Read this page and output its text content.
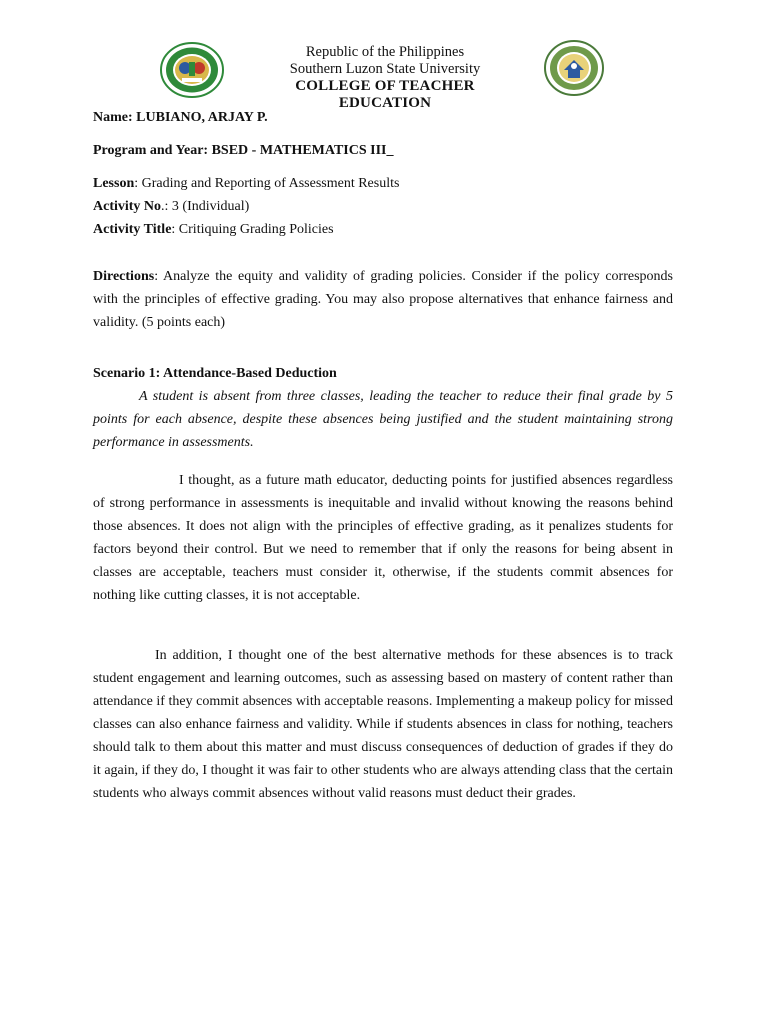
Republic of the Philippines
Southern Luzon State University
COLLEGE OF TEACHER EDUCATION
Name: LUBIANO, ARJAY P.
Program and Year: BSED - MATHEMATICS III_
Lesson: Grading and Reporting of Assessment Results
Activity No.: 3 (Individual)
Activity Title: Critiquing Grading Policies
Directions: Analyze the equity and validity of grading policies. Consider if the policy corresponds with the principles of effective grading. You may also propose alternatives that enhance fairness and validity. (5 points each)
Scenario 1: Attendance-Based Deduction
A student is absent from three classes, leading the teacher to reduce their final grade by 5 points for each absence, despite these absences being justified and the student maintaining strong performance in assessments.
I thought, as a future math educator, deducting points for justified absences regardless of strong performance in assessments is inequitable and invalid without knowing the reasons behind those absences. It does not align with the principles of effective grading, as it penalizes students for factors beyond their control. But we need to remember that if only the reasons for being absent in classes are acceptable, teachers must consider it, otherwise, if the students commit absences for nothing like cutting classes, it is not acceptable.
In addition, I thought one of the best alternative methods for these absences is to track student engagement and learning outcomes, such as assessing based on mastery of content rather than attendance if they commit absences with acceptable reasons. Implementing a makeup policy for missed classes can also enhance fairness and validity. While if students absences in class for nothing, teachers should talk to them about this matter and must discuss consequences of deduction of grades if they do it again, if they do, I thought it was fair to other students who are always attending class that the certain students who always commit absences without valid reasons must deduct their grades.
